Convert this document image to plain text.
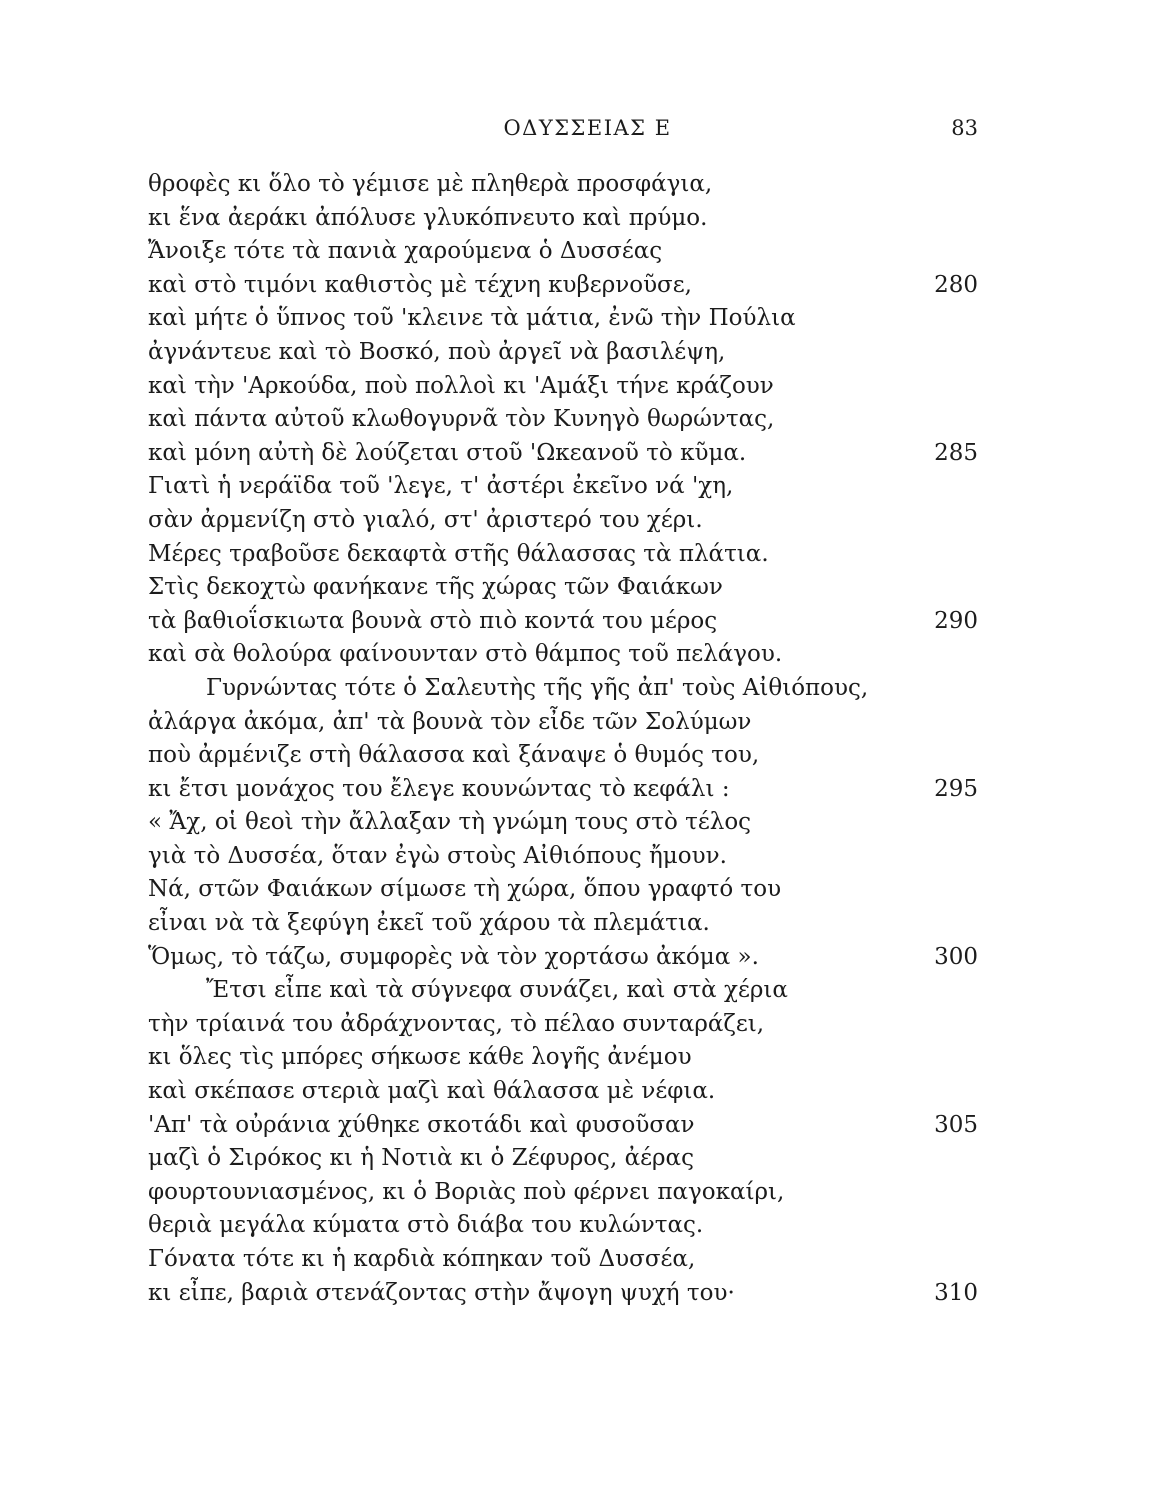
ΟΔΥΣΣΕΙΑΣ Ε	83
θροφὲς κι ὅλο τὸ γέμισε μὲ πληθερὰ προσφάγια,
κι ἕνα ἀεράκι ἀπόλυσε γλυκόπνευτο καὶ πρύμο.
Ἄνοιξε τότε τὰ πανιὰ χαρούμενα ὁ Δυσσέας
καὶ στὸ τιμόνι καθιστὸς μὲ τέχνη κυβερνοῦσε,	280
καὶ μήτε ὁ ὕπνος τοῦ 'κλεινε τὰ μάτια, ἐνῶ τὴν Πούλια
ἀγνάντευε καὶ τὸ Βοσκό, ποὺ ἀργεῖ νὰ βασιλέψη,
καὶ τὴν 'Αρκούδα, ποὺ πολλοὶ κι 'Αμάξι τήνε κράζουν
καὶ πάντα αὐτοῦ κλωθογυρνᾶ τὸν Κυνηγὸ θωρώντας,
καὶ μόνη αὐτὴ δὲ λούζεται στοῦ 'Ωκεανοῦ τὸ κῦμα.	285
Γιατὶ ἡ νεράϊδα τοῦ 'λεγε, τ' ἀστέρι ἐκεῖνο νά 'χη,
σὰν ἀρμενίζη στὸ γιαλό, στ' ἀριστερό του χέρι.
Μέρες τραβοῦσε δεκαφτὰ στῆς θάλασσας τὰ πλάτια.
Στὶς δεκοχτὼ φανήκανε τῆς χώρας τῶν Φαιάκων
τὰ βαθιοΐσκιωτα βουνὰ στὸ πιὸ κοντά του μέρος	290
καὶ σὰ θολούρα φαίνουνταν στὸ θάμπος τοῦ πελάγου.
Γυρνώντας τότε ὁ Σαλευτὴς τῆς γῆς ἀπ' τοὺς Αἰθιόπους,
ἀλάργα ἀκόμα, ἀπ' τὰ βουνὰ τὸν εἶδε τῶν Σολύμων
ποὺ ἀρμένιζε στὴ θάλασσα καὶ ξάναψε ὁ θυμός του,
κι ἔτσι μονάχος του ἔλεγε κουνώντας τὸ κεφάλι :	295
« Ἄχ, οἱ θεοὶ τὴν ἄλλαξαν τὴ γνώμη τους στὸ τέλος
γιὰ τὸ Δυσσέα, ὅταν ἐγὼ στοὺς Αἰθιόπους ἤμουν.
Νά, στῶν Φαιάκων σίμωσε τὴ χώρα, ὅπου γραφτό του
εἶναι νὰ τὰ ξεφύγη ἐκεῖ τοῦ χάρου τὰ πλεμάτια.
Ὅμως, τὸ τάζω, συμφορὲς νὰ τὸν χορτάσω ἀκόμα ».	300
Ἔτσι εἶπε καὶ τὰ σύγνεφα συνάζει, καὶ στὰ χέρια
τὴν τρίαινά του ἀδράχνοντας, τὸ πέλαο συνταράζει,
κι ὅλες τὶς μπόρες σήκωσε κάθε λογῆς ἀνέμου
καὶ σκέπασε στεριὰ μαζὶ καὶ θάλασσα μὲ νέφια.
'Απ' τὰ οὐράνια χύθηκε σκοτάδι καὶ φυσοῦσαν	305
μαζὶ ὁ Σιρόκος κι ἡ Νοτιὰ κι ὁ Ζέφυρος, ἀέρας
φουρτουνιασμένος, κι ὁ Βοριὰς ποὺ φέρνει παγοκαίρι,
θεριὰ μεγάλα κύματα στὸ διάβα του κυλώντας.
Γόνατα τότε κι ἡ καρδιὰ κόπηκαν τοῦ Δυσσέα,
κι εἶπε, βαριὰ στενάζοντας στὴν ἄψογη ψυχή του·	310
